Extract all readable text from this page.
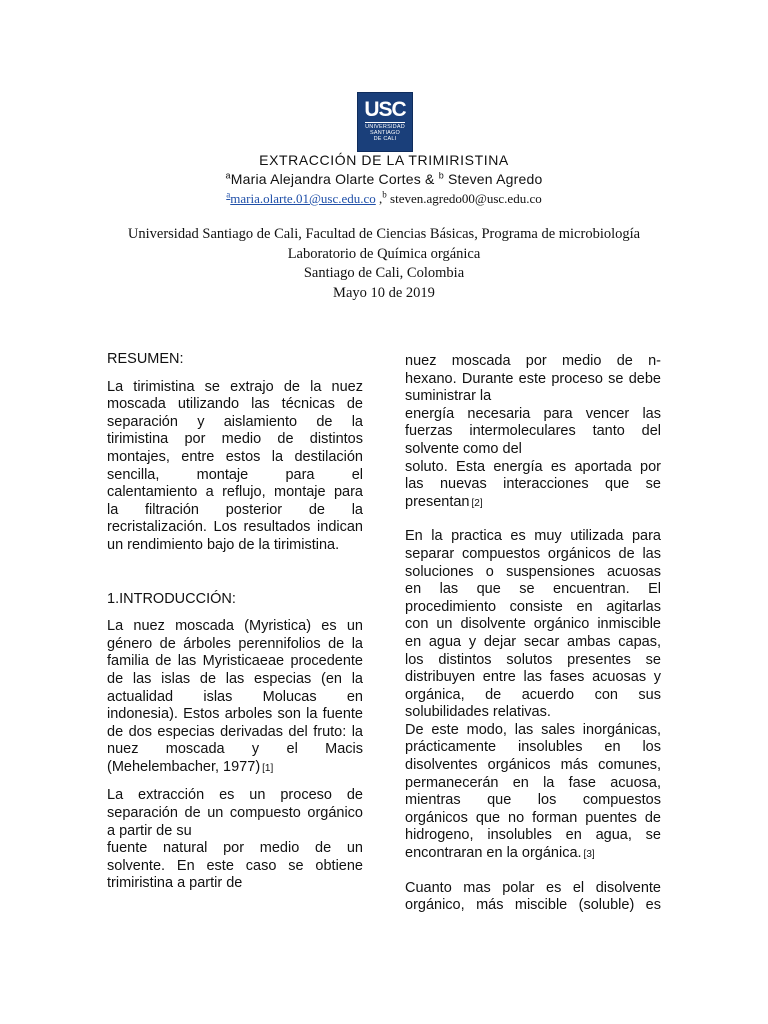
USC
UNIVERSIDAD
SANTIAGO
DE CALI
EXTRACCIÓN DE LA TRIMIRISTINA
$^a$Maria Alejandra Olarte Cortes & $^b$ Steven Agredo
$^a$maria.olarte.01@usc.edu.co ,$^b$ steven.agredo00@usc.edu.co
Universidad Santiago de Cali, Facultad de Ciencias Básicas, Programa de microbiología
Laboratorio de Química orgánica
Santiago de Cali, Colombia
Mayo 10 de 2019

RESUMEN:

La tirimistina se extrajo de la nuez

moscada utilizando las técnicas de

separación y aislamiento de la

tirimistina por medio de distintos

montajes, entre estos la destilación

sencilla, montaje para el

calentamiento a reflujo, montaje para

la filtración posterior de la

recristalización. Los resultados indican

un rendimiento bajo de la tirimistina.

1.INTRODUCCIÓN:

La nuez moscada (Myristica) es un

género de árboles perennifolios de la

familia de las Myristicaeae procedente

de las islas de las especias (en la

actualidad islas Molucas en

indonesia). Estos arboles son la fuente

de dos especias derivadas del fruto: la

nuez moscada y el Macis

(Mehelembacher, 1977) [1]

La extracción es un proceso de

separación de un compuesto orgánico

a partir de su

fuente natural por medio de un

solvente. En este caso se obtiene

trimiristina a partir de

nuez moscada por medio de n-

hexano. Durante este proceso se debe

suministrar la

energía necesaria para vencer las

fuerzas intermoleculares tanto del

solvente como del

soluto. Esta energía es aportada por

las nuevas interacciones que se

presentan [2]

En la practica es muy utilizada para

separar compuestos orgánicos de las

soluciones o suspensiones acuosas

en las que se encuentran. El

procedimiento consiste en agitarlas

con un disolvente orgánico inmiscible

en agua y dejar secar ambas capas,

los distintos solutos presentes se

distribuyen entre las fases acuosas y

orgánica, de acuerdo con sus

solubilidades relativas.

De este modo, las sales inorgánicas,

prácticamente insolubles en los

disolventes orgánicos más comunes,

permanecerán en la fase acuosa,

mientras que los compuestos

orgánicos que no forman puentes de

hidrogeno, insolubles en agua, se

encontraran en la orgánica. [3]

Cuanto mas polar es el disolvente

orgánico, más miscible (soluble) es
